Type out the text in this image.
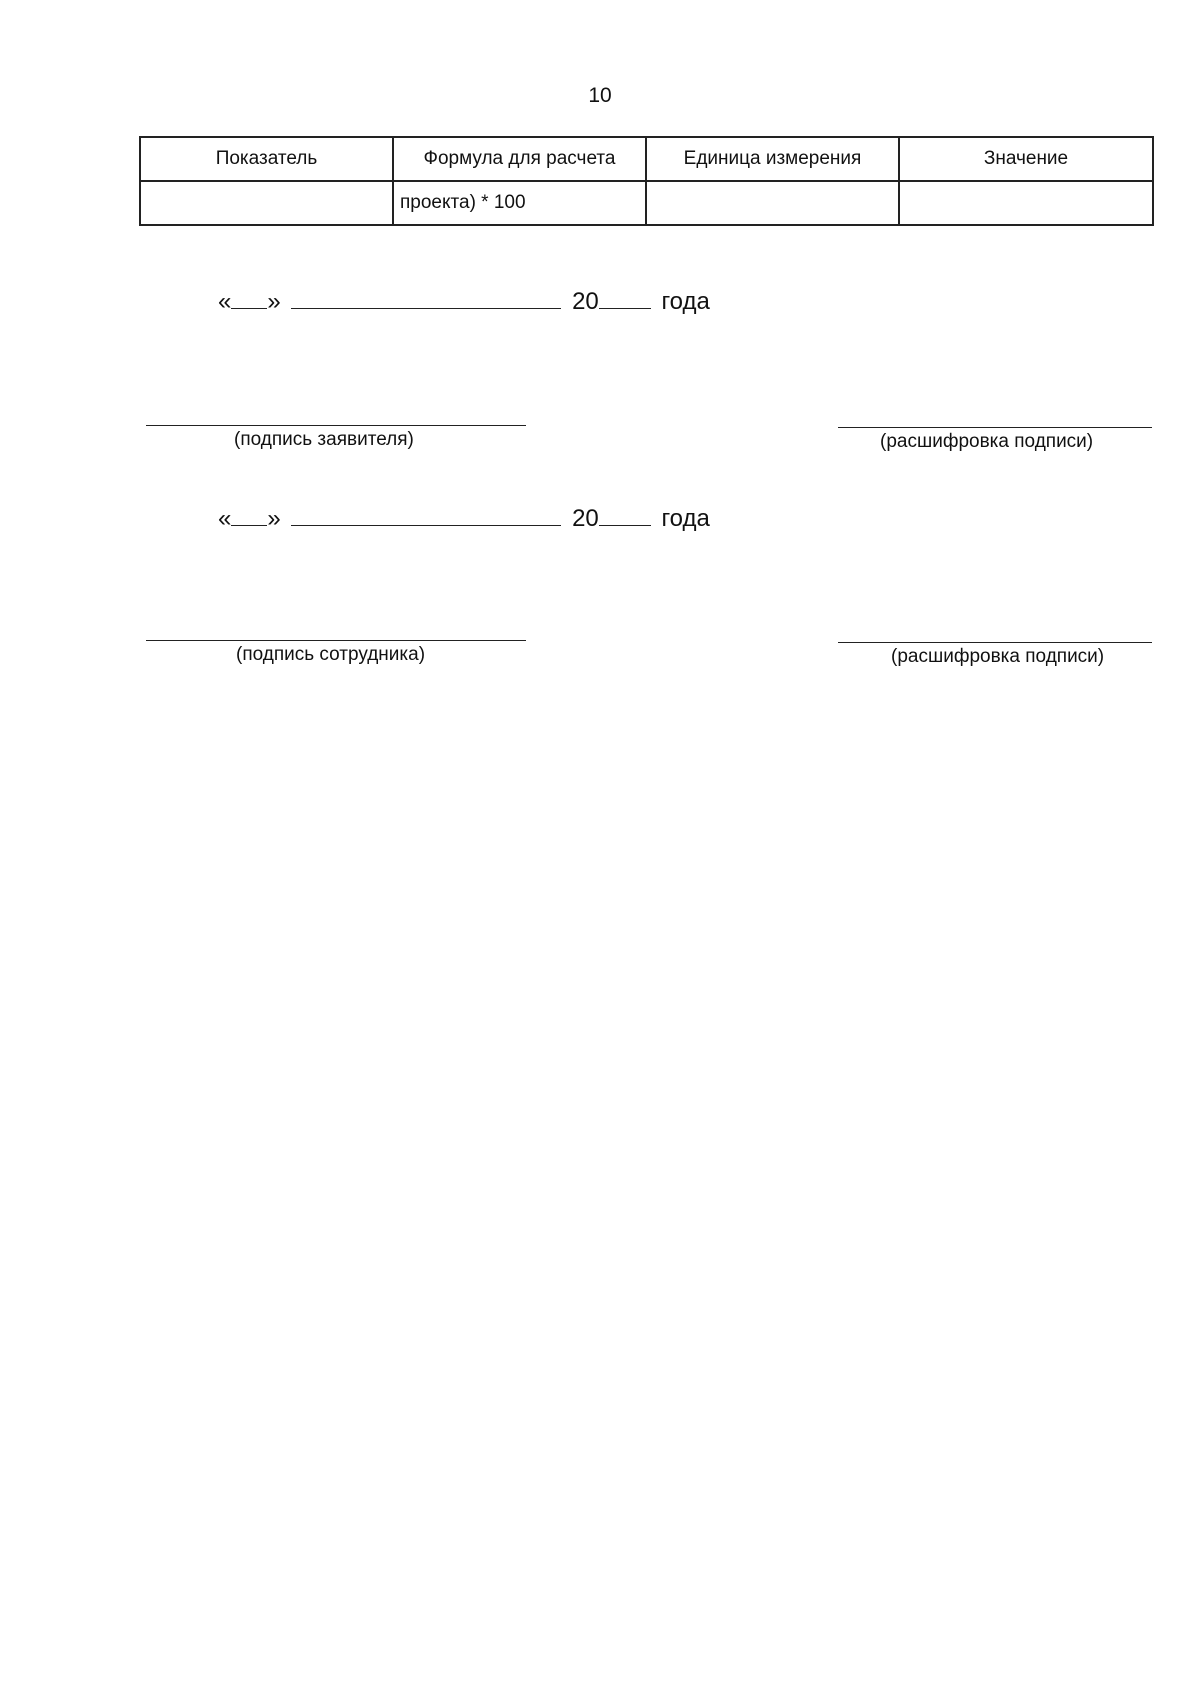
10
Показатель	Формула для расчета	Единица измерения	Значение
	проекта) * 100		
« »	20	года
(подпись заявителя)	(расшифровка подписи)
« »	20	года
(подпись сотрудника)	(расшифровка подписи)
